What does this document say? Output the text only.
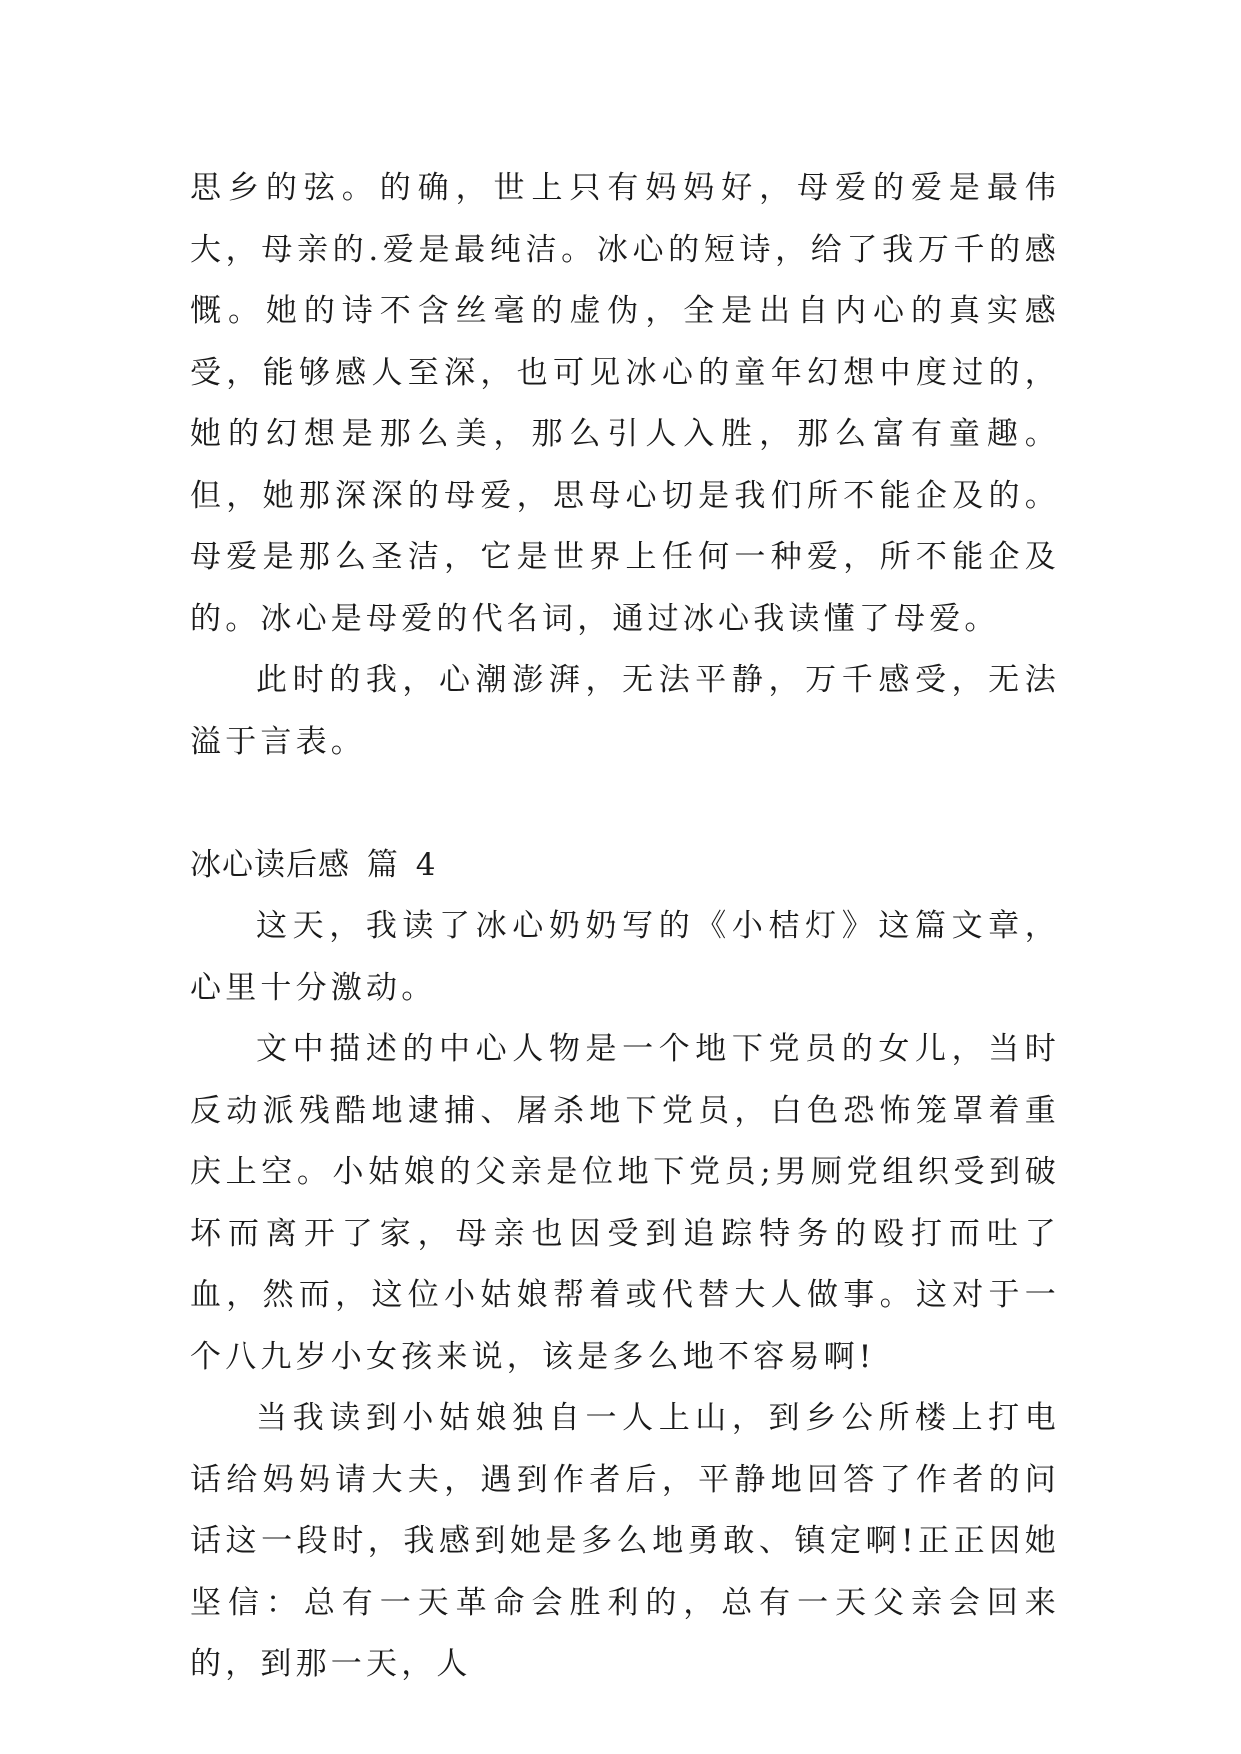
思乡的弦。的确，世上只有妈妈好，母爱的爱是最伟大，母亲的.爱是最纯洁。冰心的短诗，给了我万千的感慨。她的诗不含丝毫的虚伪，全是出自内心的真实感受，能够感人至深，也可见冰心的童年幻想中度过的，她的幻想是那么美，那么引人入胜，那么富有童趣。但，她那深深的母爱，思母心切是我们所不能企及的。母爱是那么圣洁，它是世界上任何一种爱，所不能企及的。冰心是母爱的代名词，通过冰心我读懂了母爱。

此时的我，心潮澎湃，无法平静，万千感受，无法溢于言表。

冰心读后感 篇 4

这天，我读了冰心奶奶写的《小桔灯》这篇文章，心里十分激动。

文中描述的中心人物是一个地下党员的女儿，当时反动派残酷地逮捕、屠杀地下党员，白色恐怖笼罩着重庆上空。小姑娘的父亲是位地下党员;男厕党组织受到破坏而离开了家，母亲也因受到追踪特务的殴打而吐了血，然而，这位小姑娘帮着或代替大人做事。这对于一个八九岁小女孩来说，该是多么地不容易啊!

当我读到小姑娘独自一人上山，到乡公所楼上打电话给妈妈请大夫，遇到作者后，平静地回答了作者的问话这一段时，我感到她是多么地勇敢、镇定啊!正正因她坚信：总有一天革命会胜利的，总有一天父亲会回来的，到那一天，人
